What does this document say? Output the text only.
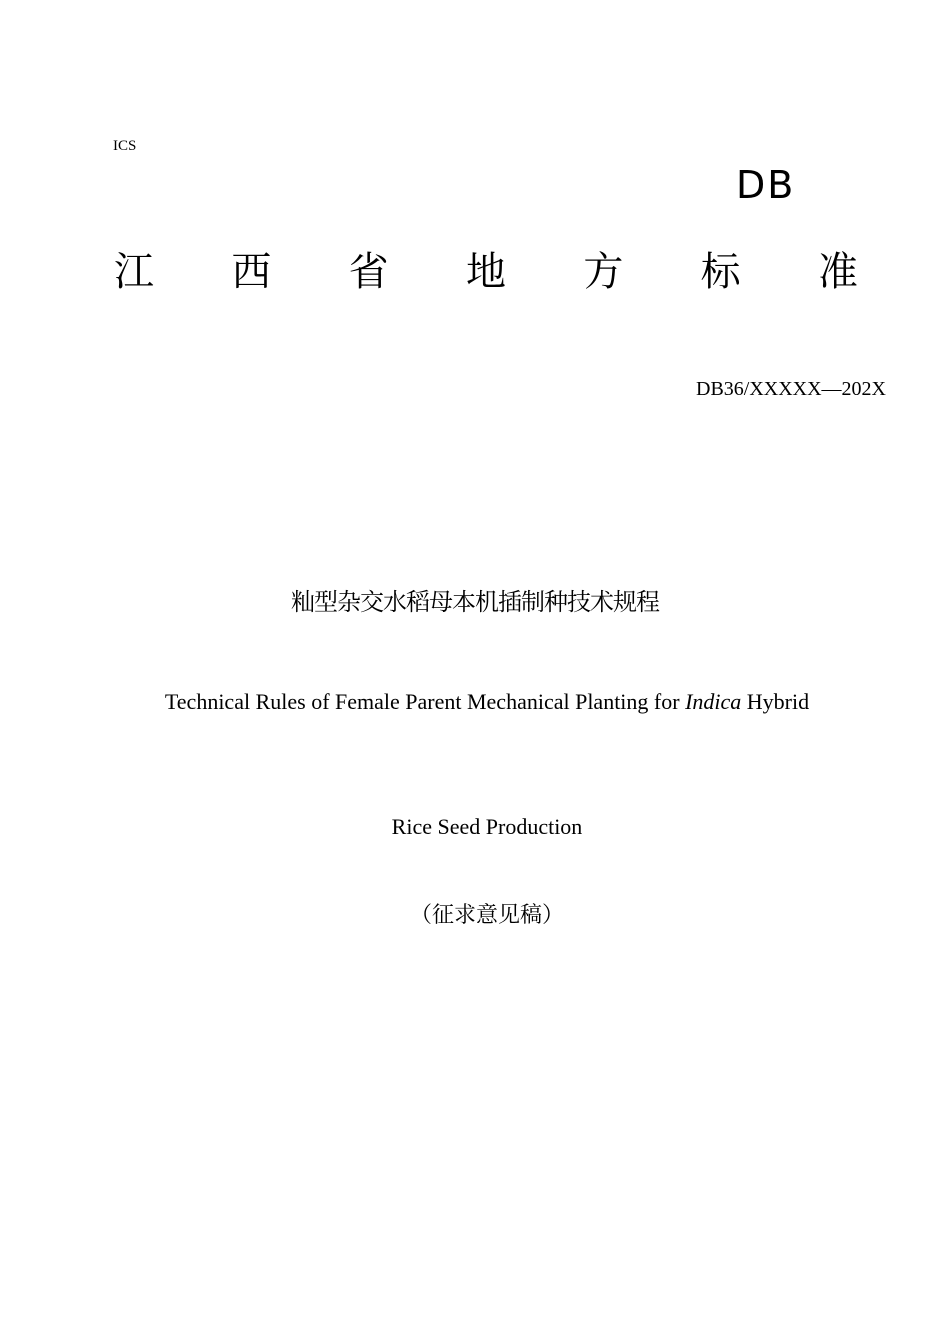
ICS
DB
江 西 省 地 方 标 准
DB36/XXXXX—202X
籼型杂交水稻母本机插制种技术规程
Technical Rules of Female Parent Mechanical Planting for Indica Hybrid
Rice Seed Production
（征求意见稿）
